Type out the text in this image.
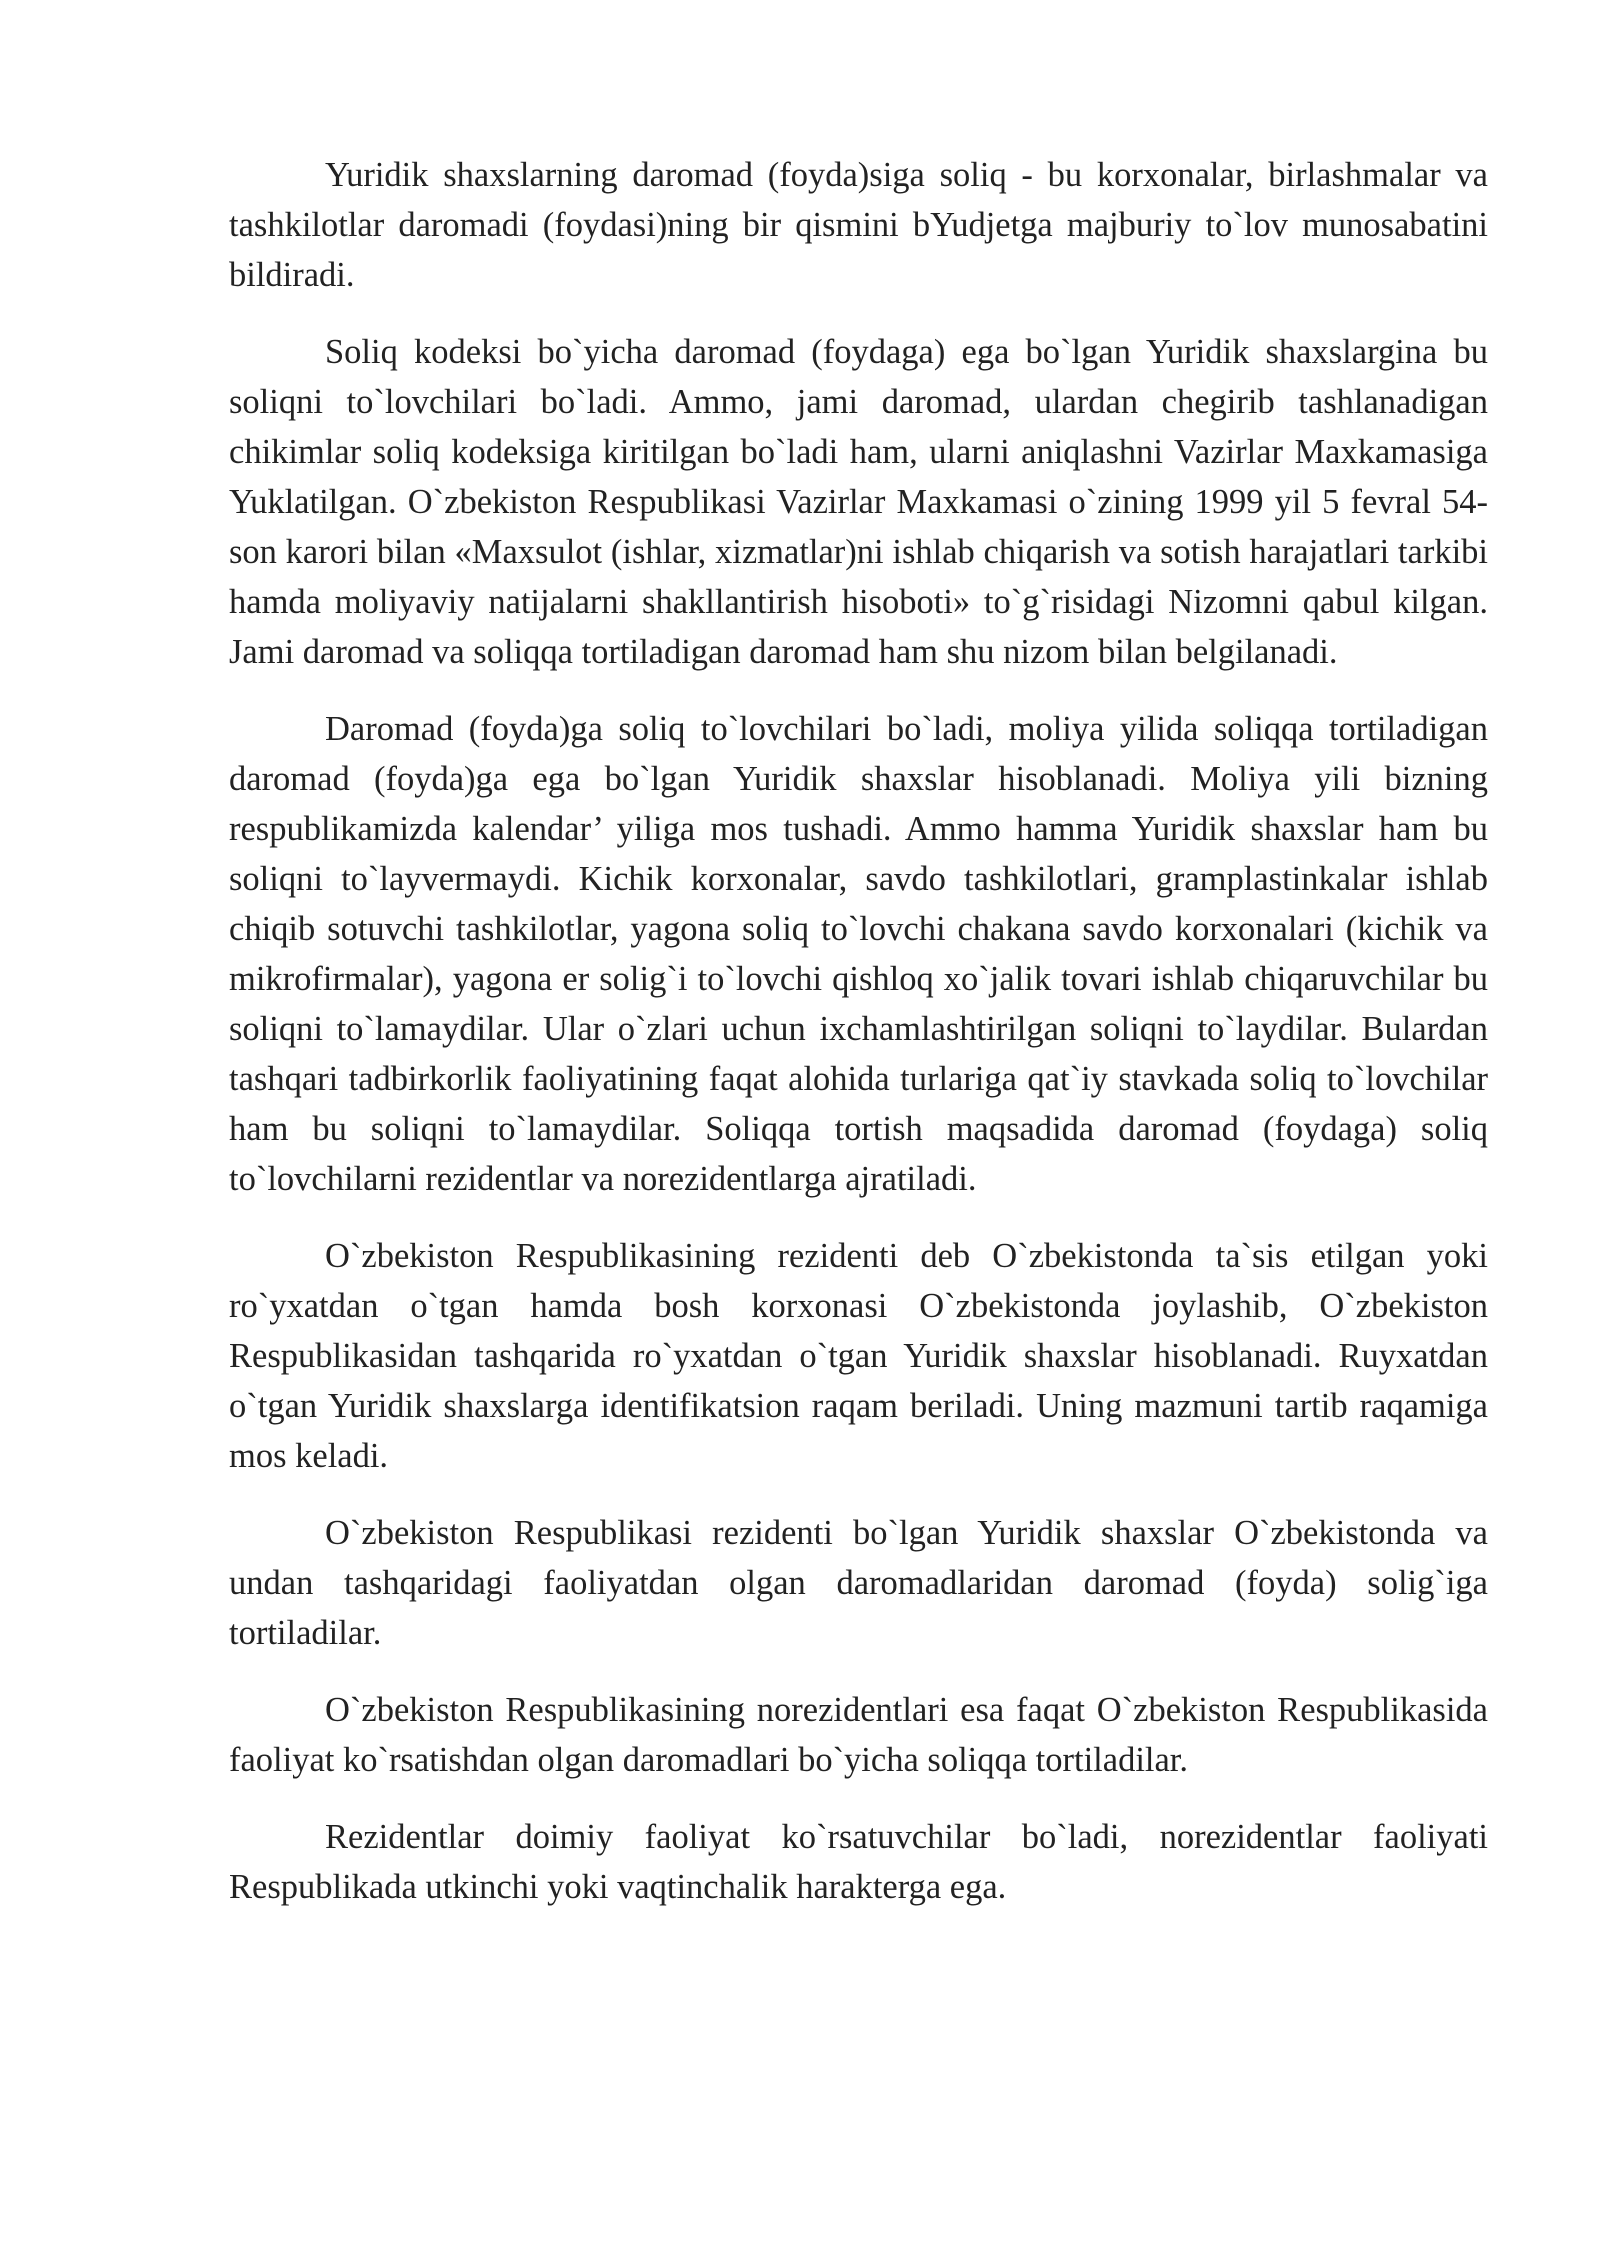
Yuridik shaxslarning daromad (foyda)siga soliq - bu korxonalar, birlashmalar va tashkilotlar daromadi (foydasi)ning bir qismini bYudjetga majburiy to`lov munosabatini bildiradi.

Soliq kodeksi bo`yicha daromad (foydaga) ega bo`lgan Yuridik shaxslargina bu soliqni to`lovchilari bo`ladi. Ammo, jami daromad, ulardan chegirib tashlanadigan chikimlar soliq kodeksiga kiritilgan bo`ladi ham, ularni aniqlashni Vazirlar Maxkamasiga Yuklatilgan. O`zbekiston Respublikasi Vazirlar Maxkamasi o`zining 1999 yil 5 fevral 54-son karori bilan «Maxsulot (ishlar, xizmatlar)ni ishlab chiqarish va sotish harajatlari tarkibi hamda moliyaviy natijalarni shakllantirish hisoboti» to`g`risidagi Nizomni qabul kilgan. Jami daromad va soliqqa tortiladigan daromad ham shu nizom bilan belgilanadi.

Daromad (foyda)ga soliq to`lovchilari bo`ladi, moliya yilida soliqqa tortiladigan daromad (foyda)ga ega bo`lgan Yuridik shaxslar hisoblanadi. Moliya yili bizning respublikamizda kalendar’ yiliga mos tushadi. Ammo hamma Yuridik shaxslar ham bu soliqni to`layvermaydi. Kichik korxonalar, savdo tashkilotlari, gramplastinkalar ishlab chiqib sotuvchi tashkilotlar, yagona soliq to`lovchi chakana savdo korxonalari (kichik va mikrofirmalar), yagona er solig`i to`lovchi qishloq xo`jalik tovari ishlab chiqaruvchilar bu soliqni to`lamaydilar. Ular o`zlari uchun ixchamlashtirilgan soliqni to`laydilar. Bulardan tashqari tadbirkorlik faoliyatining faqat alohida turlariga qat`iy stavkada soliq to`lovchilar ham bu soliqni to`lamaydilar. Soliqqa tortish maqsadida daromad (foydaga) soliq to`lovchilarni rezidentlar va norezidentlarga ajratiladi.

O`zbekiston Respublikasining rezidenti deb O`zbekistonda ta`sis etilgan yoki ro`yxatdan o`tgan hamda bosh korxonasi O`zbekistonda joylashib, O`zbekiston Respublikasidan tashqarida ro`yxatdan o`tgan Yuridik shaxslar hisoblanadi. Ruyxatdan o`tgan Yuridik shaxslarga identifikatsion raqam beriladi. Uning mazmuni tartib raqamiga mos keladi.

O`zbekiston Respublikasi rezidenti bo`lgan Yuridik shaxslar O`zbekistonda va undan tashqaridagi faoliyatdan olgan daromadlaridan daromad (foyda) solig`iga tortiladilar.

O`zbekiston Respublikasining norezidentlari esa faqat O`zbekiston Respublikasida faoliyat ko`rsatishdan olgan daromadlari bo`yicha soliqqa tortiladilar.

Rezidentlar doimiy faoliyat ko`rsatuvchilar bo`ladi, norezidentlar faoliyati Respublikada utkinchi yoki vaqtinchalik harakterga ega.
